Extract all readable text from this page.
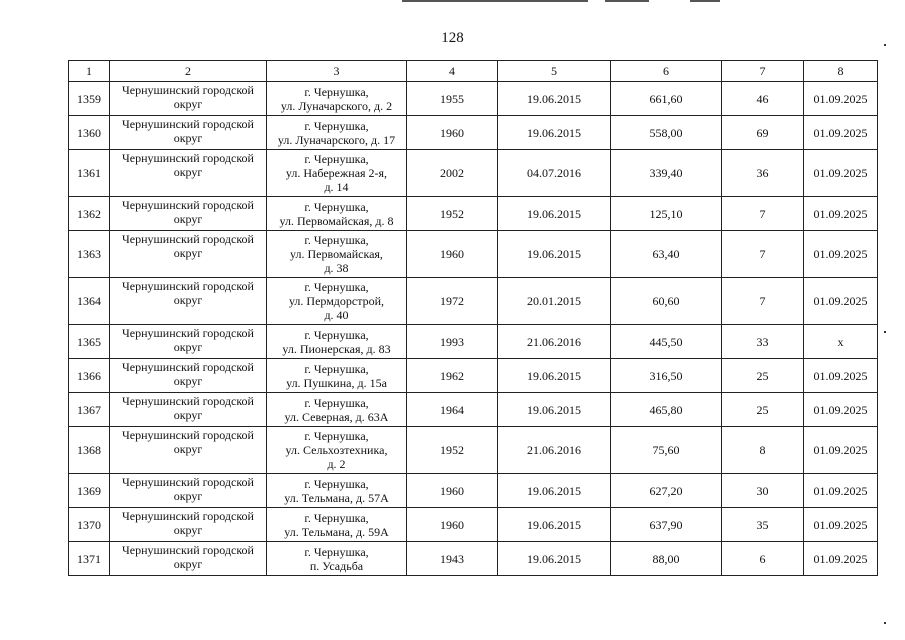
128
1	2	3	4	5	6	7	8
1359	Чернушинский городской округ	г. Чернушка,
ул. Луначарского, д. 2	1955	19.06.2015	661,60	46	01.09.2025
1360	Чернушинский городской округ	г. Чернушка,
ул. Луначарского, д. 17	1960	19.06.2015	558,00	69	01.09.2025
1361	Чернушинский городской округ	г. Чернушка,
ул. Набережная 2-я,
д. 14	2002	04.07.2016	339,40	36	01.09.2025
1362	Чернушинский городской округ	г. Чернушка,
ул. Первомайская, д. 8	1952	19.06.2015	125,10	7	01.09.2025
1363	Чернушинский городской округ	г. Чернушка,
ул. Первомайская,
д. 38	1960	19.06.2015	63,40	7	01.09.2025
1364	Чернушинский городской округ	г. Чернушка,
ул. Пермдорстрой,
д. 40	1972	20.01.2015	60,60	7	01.09.2025
1365	Чернушинский городской округ	г. Чернушка,
ул. Пионерская, д. 83	1993	21.06.2016	445,50	33	х
1366	Чернушинский городской округ	г. Чернушка,
ул. Пушкина, д. 15а	1962	19.06.2015	316,50	25	01.09.2025
1367	Чернушинский городской округ	г. Чернушка,
ул. Северная, д. 63А	1964	19.06.2015	465,80	25	01.09.2025
1368	Чернушинский городской округ	г. Чернушка,
ул. Сельхозтехника,
д. 2	1952	21.06.2016	75,60	8	01.09.2025
1369	Чернушинский городской округ	г. Чернушка,
ул. Тельмана, д. 57А	1960	19.06.2015	627,20	30	01.09.2025
1370	Чернушинский городской округ	г. Чернушка,
ул. Тельмана, д. 59А	1960	19.06.2015	637,90	35	01.09.2025
1371	Чернушинский городской округ	г. Чернушка,
п. Усадьба	1943	19.06.2015	88,00	6	01.09.2025
